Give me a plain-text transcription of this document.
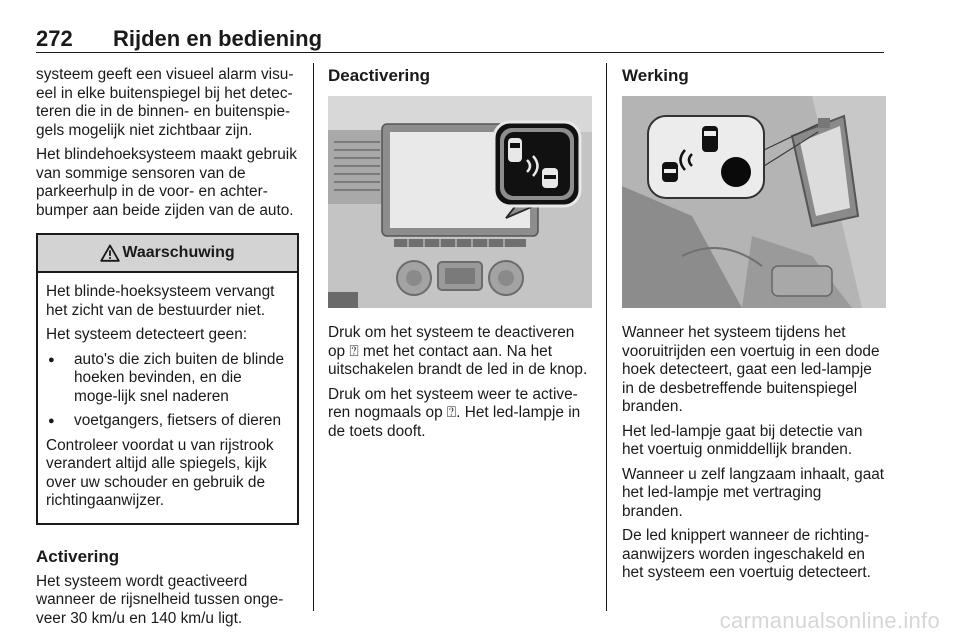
272 Rijden en bediening

systeem geeft een visueel alarm visu-eel in elke buitenspiegel bij het detec-teren die in de binnen- en buitenspie-gels mogelijk niet zichtbaar zijn.

Het blindehoeksysteem maakt gebruik van sommige sensoren van de parkeerhulp in de voor- en achter-bumper aan beide zijden van de auto.

Waarschuwing

Het blinde-hoeksysteem vervangt het zicht van de bestuurder niet.

Het systeem detecteert geen:

● auto's die zich buiten de blinde hoeken bevinden, en die moge-lijk snel naderen
● voetgangers, fietsers of dieren

Controleer voordat u van rijstrook verandert altijd alle spiegels, kijk over uw schouder en gebruik de richtingaanwijzer.

Activering

Het systeem wordt geactiveerd wanneer de rijsnelheid tussen onge-veer 30 km/u en 140 km/u ligt.

Deactivering

Druk om het systeem te deactiveren op ⍰ met het contact aan. Na het uitschakelen brandt de led in de knop.

Druk om het systeem weer te active-ren nogmaals op ⍰. Het led-lampje in de toets dooft.

Werking

Wanneer het systeem tijdens het vooruitrijden een voertuig in een dode hoek detecteert, gaat een led-lampje in de desbetreffende buitenspiegel branden.

Het led-lampje gaat bij detectie van het voertuig onmiddellijk branden.

Wanneer u zelf langzaam inhaalt, gaat het led-lampje met vertraging branden.

De led knippert wanneer de richting-aanwijzers worden ingeschakeld en het systeem een voertuig detecteert.

carmanualsonline.info
